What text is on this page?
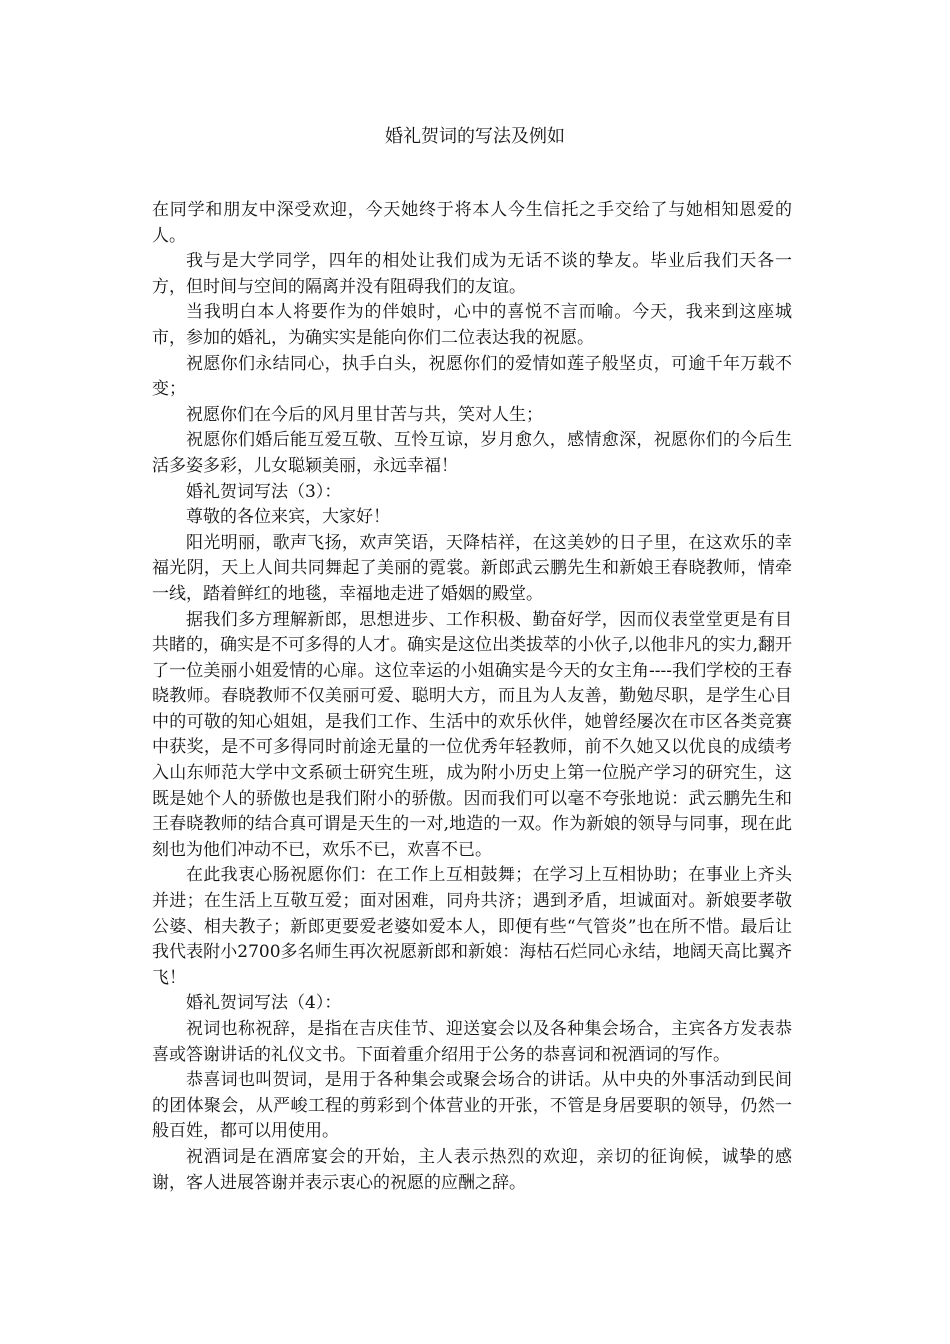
婚礼贺词的写法及例如

在同学和朋友中深受欢迎，今天她终于将本人今生信托之手交给了与她相知恩爱的人。

我与是大学同学，四年的相处让我们成为无话不谈的挚友。毕业后我们天各一方，但时间与空间的隔离并没有阻碍我们的友谊。

当我明白本人将要作为的伴娘时，心中的喜悦不言而喻。今天，我来到这座城市，参加的婚礼，为确实实是能向你们二位表达我的祝愿。

祝愿你们永结同心，执手白头，祝愿你们的爱情如莲子般坚贞，可逾千年万载不变；

祝愿你们在今后的风月里甘苦与共，笑对人生；

祝愿你们婚后能互爱互敬、互怜互谅，岁月愈久，感情愈深，祝愿你们的今后生活多姿多彩，儿女聪颖美丽，永远幸福！

婚礼贺词写法（3）：

尊敬的各位来宾，大家好！

阳光明丽，歌声飞扬，欢声笑语，天降桔祥，在这美妙的日子里，在这欢乐的幸福光阴，天上人间共同舞起了美丽的霓裳。新郎武云鹏先生和新娘王春晓教师，情牵一线，踏着鲜红的地毯，幸福地走进了婚姻的殿堂。

据我们多方理解新郎，思想进步、工作积极、勤奋好学，因而仪表堂堂更是有目共睹的，确实是不可多得的人才。确实是这位出类拔萃的小伙子,以他非凡的实力,翻开了一位美丽小姐爱情的心扉。这位幸运的小姐确实是今天的女主角----我们学校的王春晓教师。春晓教师不仅美丽可爱、聪明大方，而且为人友善，勤勉尽职，是学生心目中的可敬的知心姐姐，是我们工作、生活中的欢乐伙伴，她曾经屡次在市区各类竞赛中获奖，是不可多得同时前途无量的一位优秀年轻教师，前不久她又以优良的成绩考入山东师范大学中文系硕士研究生班，成为附小历史上第一位脱产学习的研究生，这既是她个人的骄傲也是我们附小的骄傲。因而我们可以毫不夸张地说：武云鹏先生和王春晓教师的结合真可谓是天生的一对,地造的一双。作为新娘的领导与同事，现在此刻也为他们冲动不已，欢乐不已，欢喜不已。

在此我衷心肠祝愿你们：在工作上互相鼓舞；在学习上互相协助；在事业上齐头并进；在生活上互敬互爱；面对困难，同舟共济；遇到矛盾，坦诚面对。新娘要孝敬公婆、相夫教子；新郎更要爱老婆如爱本人，即便有些“气管炎”也在所不惜。最后让我代表附小2700多名师生再次祝愿新郎和新娘：海枯石烂同心永结，地阔天高比翼齐飞！

婚礼贺词写法（4）：

祝词也称祝辞，是指在吉庆佳节、迎送宴会以及各种集会场合，主宾各方发表恭喜或答谢讲话的礼仪文书。下面着重介绍用于公务的恭喜词和祝酒词的写作。

恭喜词也叫贺词，是用于各种集会或聚会场合的讲话。从中央的外事活动到民间的团体聚会，从严峻工程的剪彩到个体营业的开张，不管是身居要职的领导，仍然一般百姓，都可以用使用。

祝酒词是在酒席宴会的开始，主人表示热烈的欢迎，亲切的征询候，诚挚的感谢，客人进展答谢并表示衷心的祝愿的应酬之辞。
